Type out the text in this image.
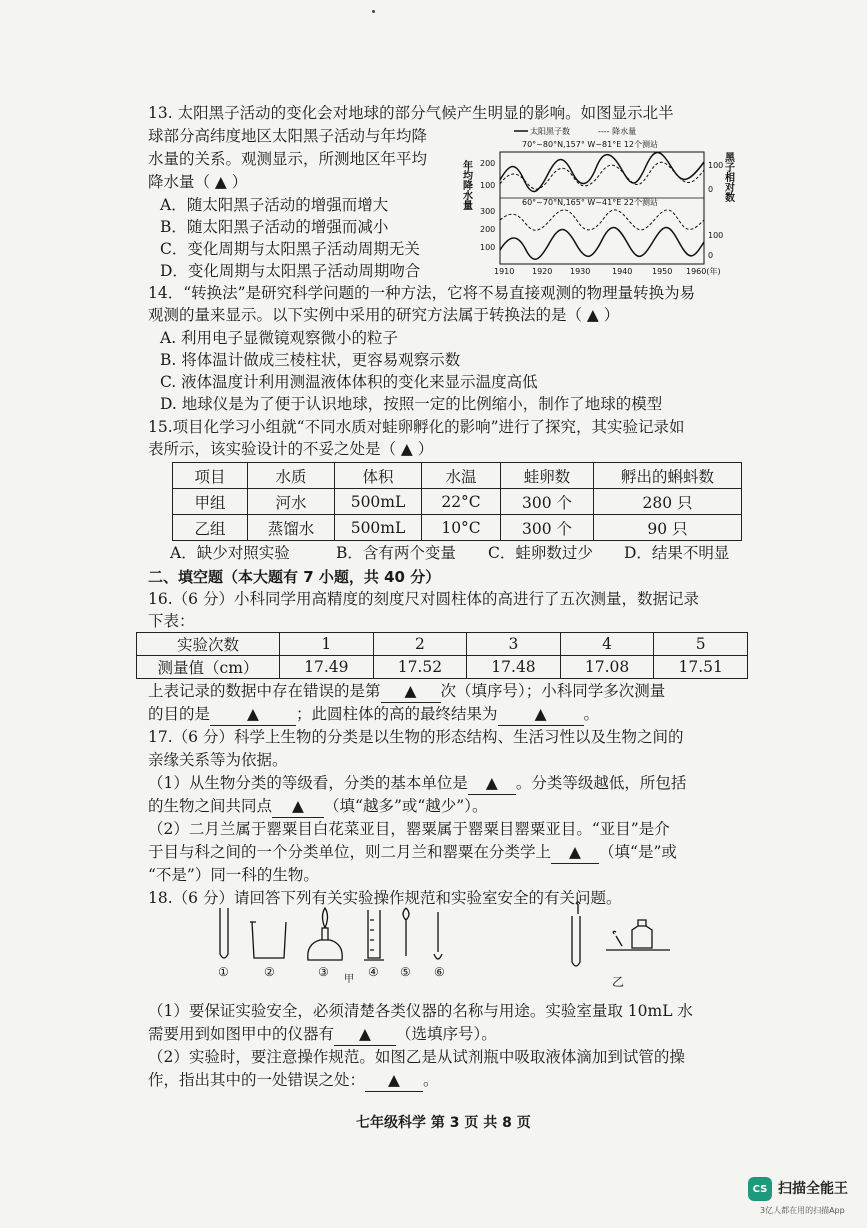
13. 太阳黑子活动的变化会对地球的部分气候产生明显的影响。如图显示北半
球部分高纬度地区太阳黑子活动与年均降
水量的关系。观测显示，所测地区年平均
降水量（ ▲ ）
A．随太阳黑子活动的增强而增大
B．随太阳黑子活动的增强而减小
C．变化周期与太阳黑子活动周期无关
D．变化周期与太阳黑子活动周期吻合
太阳黑子数	---- 降水量
70°~80°N,157° W~81°E 12个测站
60°~70°N,165° W~41°E 22个测站
年均降水量	黑子相对数
200
100
300
200
100
100
0
100
0
1910 1920 1930	1940 1950 1960(年)
14．“转换法”是研究科学问题的一种方法，它将不易直接观测的物理量转换为易
观测的量来显示。以下实例中采用的研究方法属于转换法的是（ ▲ ）
A. 利用电子显微镜观察微小的粒子
B. 将体温计做成三棱柱状，更容易观察示数
C. 液体温度计利用测温液体体积的变化来显示温度高低
D. 地球仪是为了便于认识地球，按照一定的比例缩小，制作了地球的模型
15.项目化学习小组就“不同水质对蛙卵孵化的影响”进行了探究，其实验记录如
表所示，该实验设计的不妥之处是（ ▲ ）
项目	水质	体积	水温	蛙卵数	孵出的蝌蚪数
甲组	河水	500mL	22°C	300 个	280 只
乙组	蒸馏水	500mL	10°C	300 个	90 只
A．缺少对照实验	B．含有两个变量 C．蛙卵数过少 D．结果不明显
二、填空题（本大题有 7 小题，共 40 分）
16.（6 分）小科同学用高精度的刻度尺对圆柱体的高进行了五次测量，数据记录
下表：
实验次数	1	2	3	4	5
测量值（cm）	17.49	17.52	17.48	17.08	17.51
上表记录的数据中存在错误的是第 ▲ 次（填序号）；小科同学多次测量
的目的是 ▲ ；此圆柱体的高的最终结果为 ▲ 。
17.（6 分）科学上生物的分类是以生物的形态结构、生活习性以及生物之间的
亲缘关系等为依据。
（1）从生物分类的等级看，分类的基本单位是 ▲ 。分类等级越低，所包括
的生物之间共同点 ▲ （填“越多”或“越少”）。
（2）二月兰属于罂粟目白花菜亚目，罂粟属于罂粟目罂粟亚目。“亚目”是介
于目与科之间的一个分类单位，则二月兰和罂粟在分类学上 ▲ （填“是”或
“不是”）同一科的生物。
18.（6 分）请回答下列有关实验操作规范和实验室安全的有关问题。
①	②	③	④ ⑤ ⑥
甲	乙
（1）要保证实验安全，必须清楚各类仪器的名称与用途。实验室量取 10mL 水
需要用到如图甲中的仪器有 ▲ （选填序号）。
（2）实验时，要注意操作规范。如图乙是从试剂瓶中吸取液体滴加到试管的操
作，指出其中的一处错误之处： ▲ 。
七年级科学 第 3 页 共 8 页
CS 扫描全能王
3亿人都在用的扫描App
